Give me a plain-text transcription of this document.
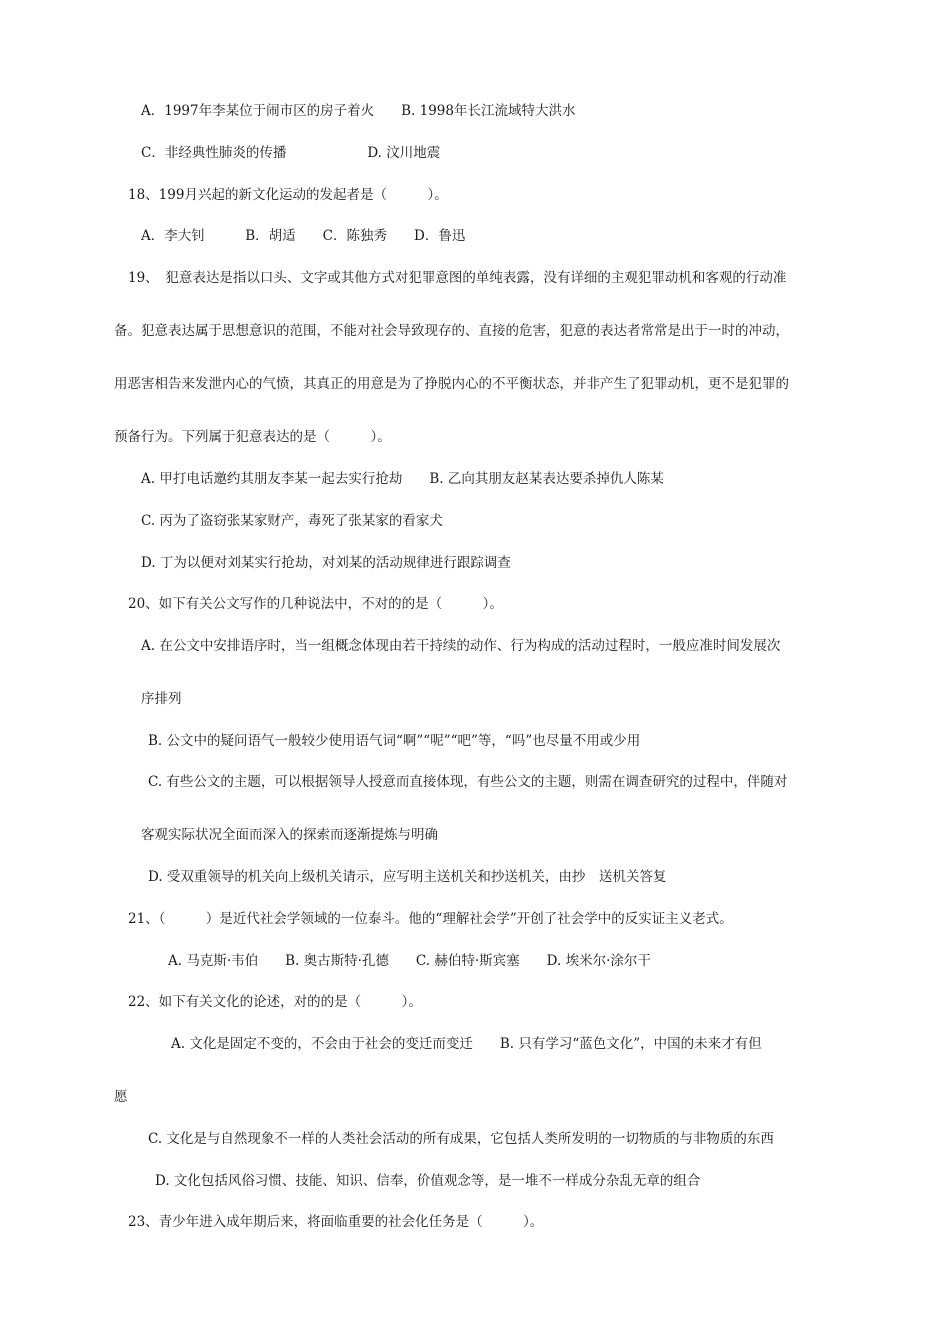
A．1997年李某位于闹市区的房子着火　　B. 1998年长江流域特大洪水

C．非经典性肺炎的传播　　　　　　D. 汶川地震

18、199月兴起的新文化运动的发起者是（　　　）。

A．李大钊　　　B．胡适　　C．陈独秀　　D．鲁迅

19、　犯意表达是指以口头、文字或其他方式对犯罪意图的单纯表露，没有详细的主观犯罪动机和客观的行动准

备。犯意表达属于思想意识的范围，不能对社会导致现存的、直接的危害，犯意的表达者常常是出于一时的冲动，

用恶害相告来发泄内心的气愤，其真正的用意是为了挣脱内心的不平衡状态，并非产生了犯罪动机，更不是犯罪的

预备行为。下列属于犯意表达的是（　　　）。

A. 甲打电话邀约其朋友李某一起去实行抢劫　　B. 乙向其朋友赵某表达要杀掉仇人陈某

C. 丙为了盗窃张某家财产，毒死了张某家的看家犬

D. 丁为以便对刘某实行抢劫，对刘某的活动规律进行跟踪调查

20、如下有关公文写作的几种说法中，不对的的是（　　　）。

A. 在公文中安排语序时，当一组概念体现由若干持续的动作、行为构成的活动过程时，一般应准时间发展次

序排列

B. 公文中的疑问语气一般较少使用语气词“啊”“呢”“吧”等，“吗”也尽量不用或少用

C. 有些公文的主题，可以根据领导人授意而直接体现，有些公文的主题，则需在调查研究的过程中，伴随对

客观实际状况全面而深入的探索而逐渐提炼与明确

D. 受双重领导的机关向上级机关请示，应写明主送机关和抄送机关，由抄　送机关答复

21、（　　　）是近代社会学领域的一位泰斗。他的“理解社会学”开创了社会学中的反实证主义老式。

A. 马克斯·韦伯　　B. 奥古斯特·孔德　　C. 赫伯特·斯宾塞　　D. 埃米尔·涂尔干

22、如下有关文化的论述，对的的是（　　　）。

A. 文化是固定不变的，不会由于社会的变迁而变迁　　B. 只有学习“蓝色文化”，中国的未来才有但

愿

C. 文化是与自然现象不一样的人类社会活动的所有成果，它包括人类所发明的一切物质的与非物质的东西

D. 文化包括风俗习惯、技能、知识、信奉，价值观念等，是一堆不一样成分杂乱无章的组合

23、青少年进入成年期后来，将面临重要的社会化任务是（　　　）。
